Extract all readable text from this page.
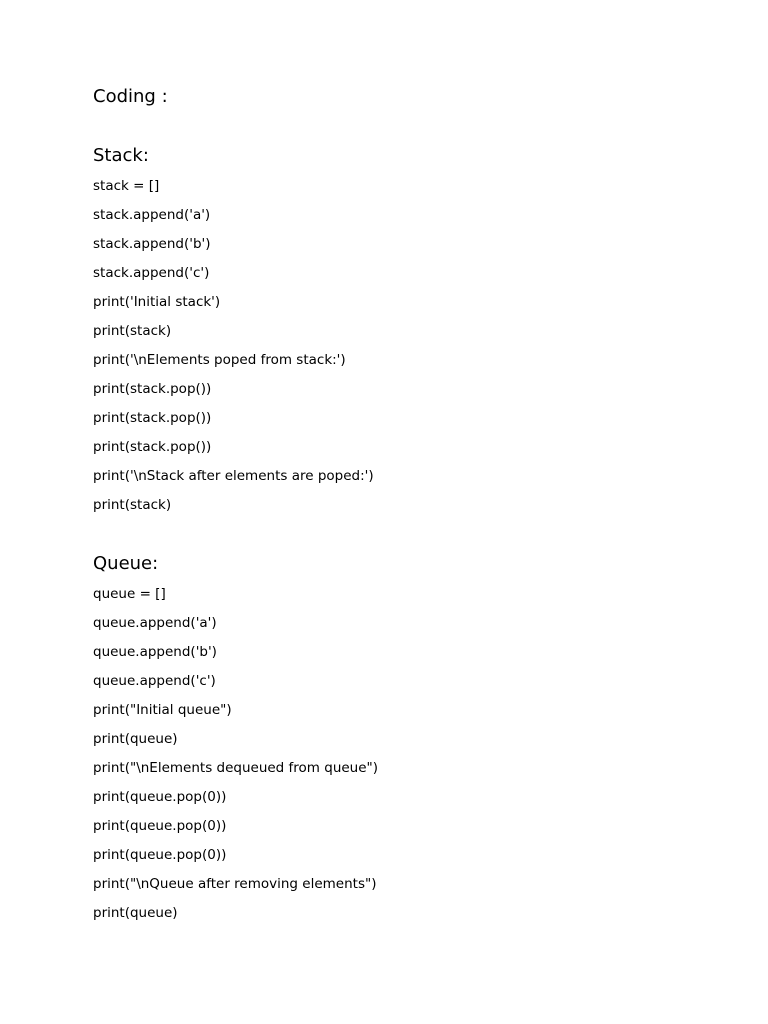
Coding :
Stack:
stack = []
stack.append('a')
stack.append('b')
stack.append('c')
print('Initial stack')
print(stack)
print('\nElements poped from stack:')
print(stack.pop())
print(stack.pop())
print(stack.pop())
print('\nStack after elements are poped:')
print(stack)
Queue:
queue = []
queue.append('a')
queue.append('b')
queue.append('c')
print("Initial queue")
print(queue)
print("\nElements dequeued from queue")
print(queue.pop(0))
print(queue.pop(0))
print(queue.pop(0))
print("\nQueue after removing elements")
print(queue)
